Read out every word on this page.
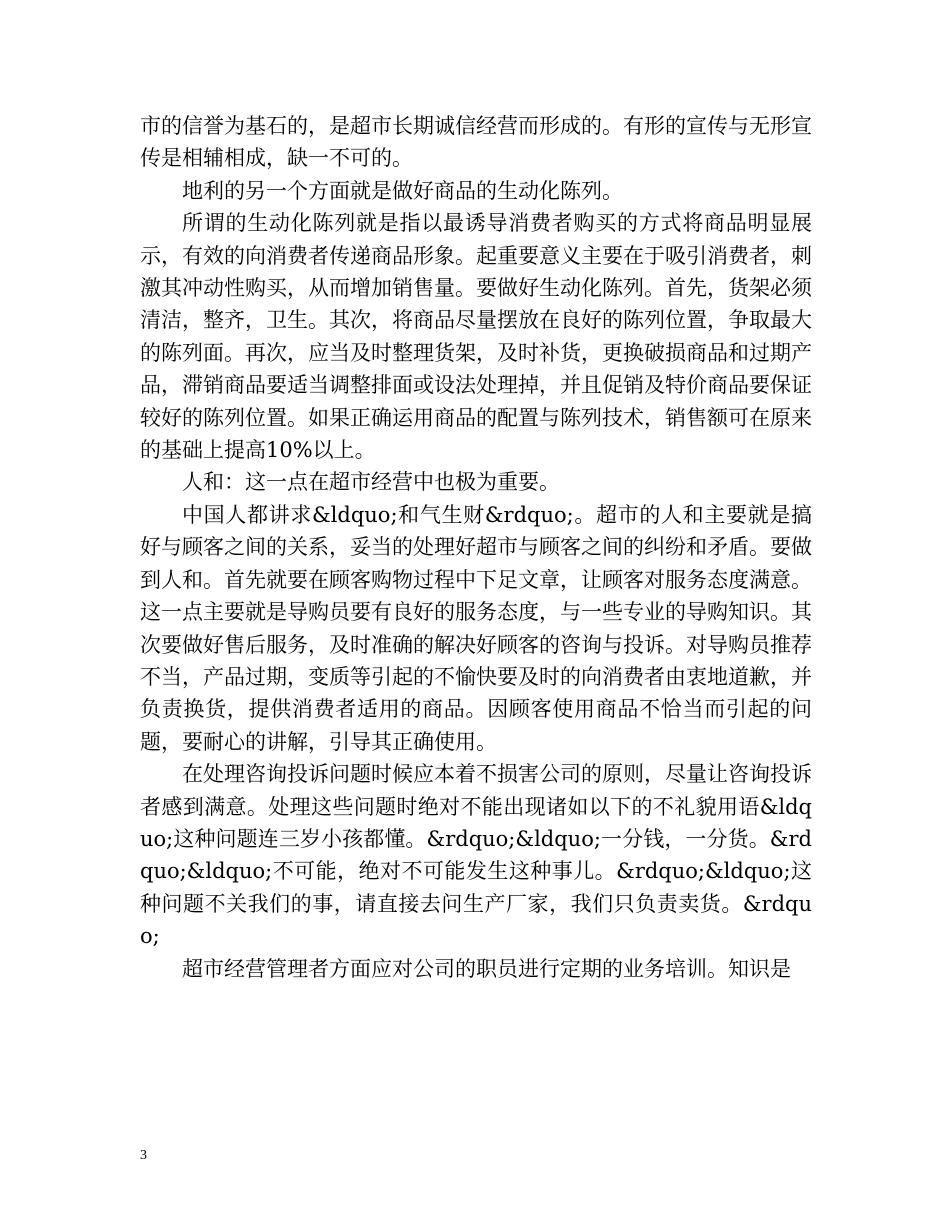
市的信誉为基石的，是超市长期诚信经营而形成的。有形的宣传与无形宣传是相辅相成，缺一不可的。

地利的另一个方面就是做好商品的生动化陈列。

所谓的生动化陈列就是指以最诱导消费者购买的方式将商品明显展示，有效的向消费者传递商品形象。起重要意义主要在于吸引消费者，刺激其冲动性购买，从而增加销售量。要做好生动化陈列。首先，货架必须清洁，整齐，卫生。其次，将商品尽量摆放在良好的陈列位置，争取最大的陈列面。再次，应当及时整理货架，及时补货，更换破损商品和过期产品，滞销商品要适当调整排面或设法处理掉，并且促销及特价商品要保证较好的陈列位置。如果正确运用商品的配置与陈列技术，销售额可在原来的基础上提高10%以上。

人和：这一点在超市经营中也极为重要。

中国人都讲求&ldquo;和气生财&rdquo;。超市的人和主要就是搞好与顾客之间的关系，妥当的处理好超市与顾客之间的纠纷和矛盾。要做到人和。首先就要在顾客购物过程中下足文章，让顾客对服务态度满意。这一点主要就是导购员要有良好的服务态度，与一些专业的导购知识。其次要做好售后服务，及时准确的解决好顾客的咨询与投诉。对导购员推荐不当，产品过期，变质等引起的不愉快要及时的向消费者由衷地道歉，并负责换货，提供消费者适用的商品。因顾客使用商品不恰当而引起的问题，要耐心的讲解，引导其正确使用。

在处理咨询投诉问题时候应本着不损害公司的原则，尽量让咨询投诉者感到满意。处理这些问题时绝对不能出现诸如以下的不礼貌用语&ldquo;这种问题连三岁小孩都懂。&rdquo;&ldquo;一分钱，一分货。&rdquo;&ldquo;不可能，绝对不可能发生这种事儿。&rdquo;&ldquo;这种问题不关我们的事，请直接去问生产厂家，我们只负责卖货。&rdquo;

超市经营管理者方面应对公司的职员进行定期的业务培训。知识是

3
